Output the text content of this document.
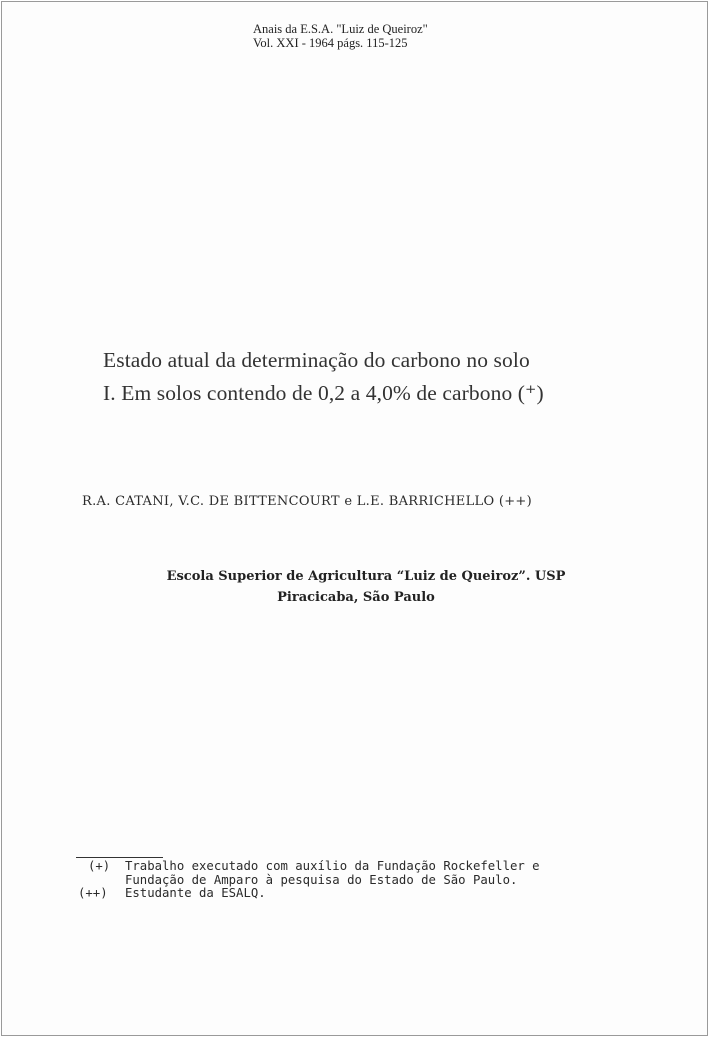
Anais da E.S.A. "Luiz de Queiroz"
Vol. XXI - 1964 págs. 115-125
Estado atual da determinação do carbono no solo
I. Em solos contendo de 0,2 a 4,0% de carbono (⁺)
R.A. CATANI, V.C. DE BITTENCOURT e L.E. BARRICHELLO (++)
Escola Superior de Agricultura “Luiz de Queiroz”. USP
Piracicaba, São Paulo
(+)	Trabalho executado com auxílio da Fundação Rockefeller e
Fundação de Amparo à pesquisa do Estado de São Paulo.
(++)	Estudante da ESALQ.
